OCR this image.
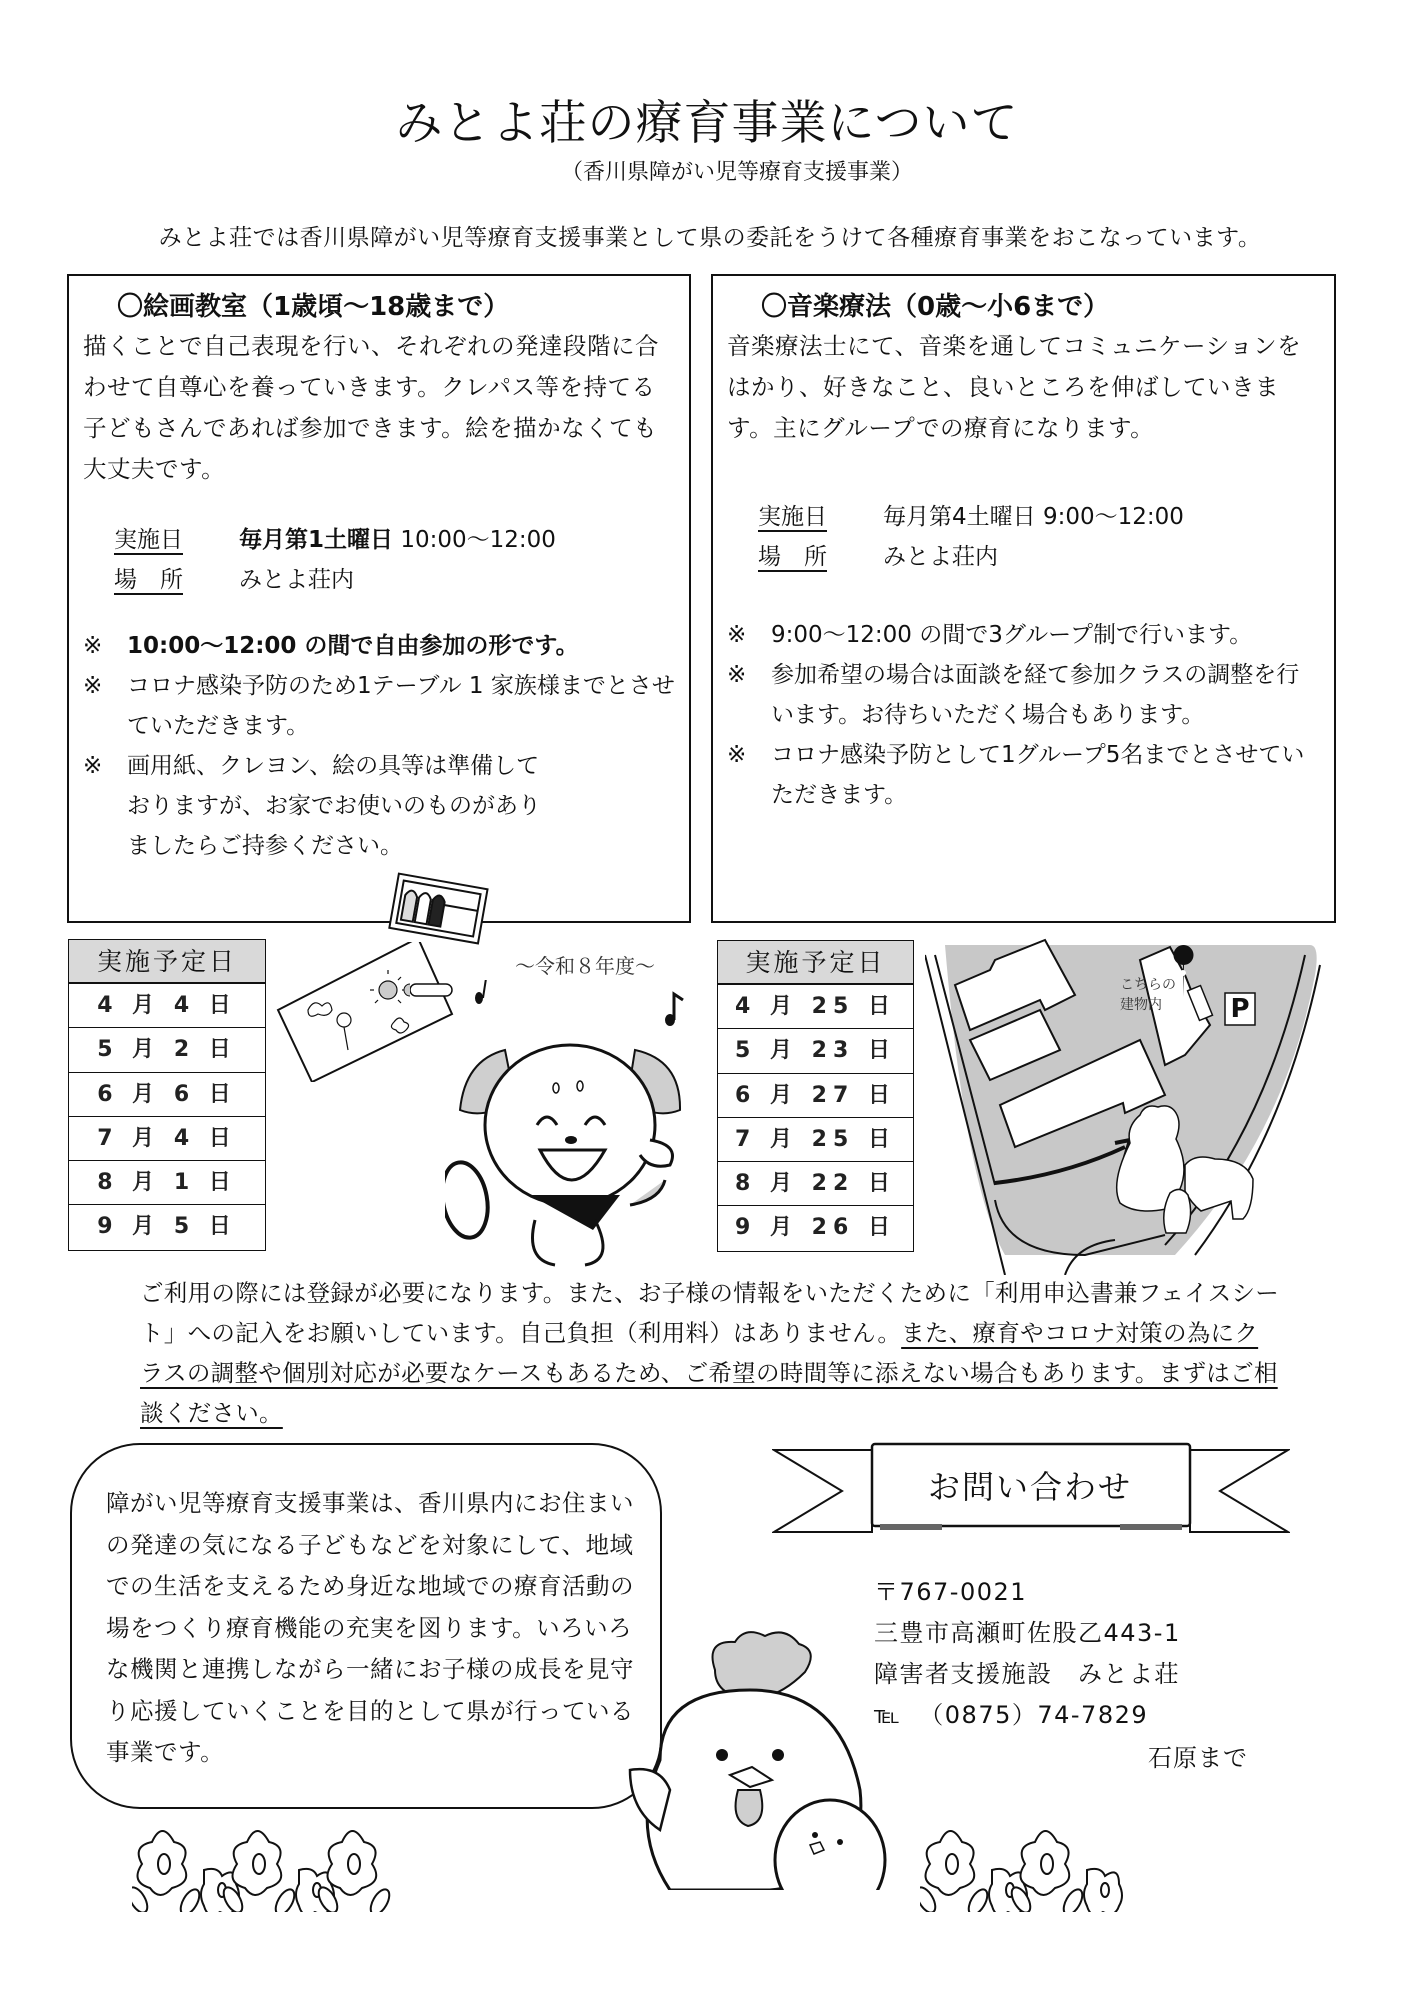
みとよ荘の療育事業について
（香川県障がい児等療育支援事業）
みとよ荘では香川県障がい児等療育支援事業として県の委託をうけて各種療育事業をおこなっています。
〇絵画教室（1歳頃～18歳まで）
描くことで自己表現を行い、それぞれの発達段階に合わせて自尊心を養っていきます。クレパス等を持てる子どもさんであれば参加できます。絵を描かなくても大丈夫です。
実施日	毎月第1土曜日 10:00～12:00
場　所	みとよ荘内
※	10:00～12:00 の間で自由参加の形です。
※	コロナ感染予防のため1テーブル 1 家族様までとさせていただきます。
※	画用紙、クレヨン、絵の具等は準備しておりますが、お家でお使いのものがありましたらご持参ください。
〇音楽療法（0歳～小6まで）
音楽療法士にて、音楽を通してコミュニケーションをはかり、好きなこと、良いところを伸ばしていきます。主にグループでの療育になります。
実施日	毎月第4土曜日 9:00～12:00
場　所	みとよ荘内
※	9:00～12:00 の間で3グループ制で行います。
※	参加希望の場合は面談を経て参加クラスの調整を行います。お待ちいただく場合もあります。
※	コロナ感染予防として1グループ5名までとさせていただきます。
実施予定日
4 月 4 日
5 月 2 日
6 月 6 日
7 月 4 日
8 月 1 日
9 月 5 日
～令和８年度～	実施予定日
4 月 25 日
5 月 23 日
6 月 27 日
7 月 25 日
8 月 22 日
9 月 26 日
こちらの
建物内	P
ご利用の際には登録が必要になります。また、お子様の情報をいただくために「利用申込書兼フェイスシート」への記入をお願いしています。自己負担（利用料）はありません。また、療育やコロナ対策の為にクラスの調整や個別対応が必要なケースもあるため、ご希望の時間等に添えない場合もあります。まずはご相談ください。
障がい児等療育支援事業は、香川県内にお住まいの発達の気になる子どもなどを対象にして、地域での生活を支えるため身近な地域での療育活動の場をつくり療育機能の充実を図ります。いろいろな機関と連携しながら一緒にお子様の成長を見守り応援していくことを目的として県が行っている事業です。
お問い合わせ
〒767-0021
三豊市高瀬町佐股乙443-1
障害者支援施設　みとよ荘
℡ （0875）74-7829
石原まで
